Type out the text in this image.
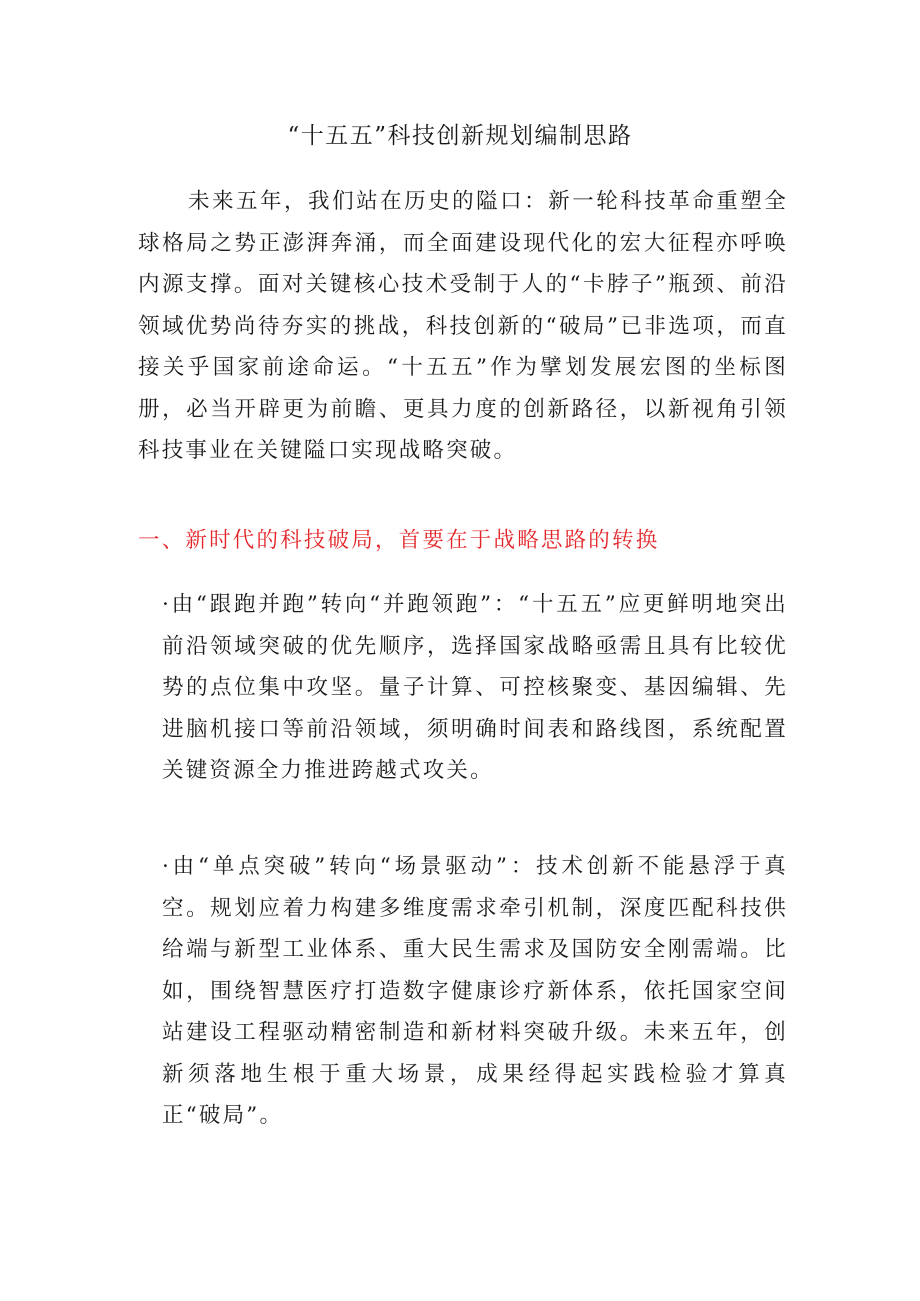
“十五五”科技创新规划编制思路

未来五年，我们站在历史的隘口：新一轮科技革命重塑全球格局之势正澎湃奔涌，而全面建设现代化的宏大征程亦呼唤内源支撑。面对关键核心技术受制于人的“卡脖子”瓶颈、前沿领域优势尚待夯实的挑战，科技创新的“破局”已非选项，而直接关乎国家前途命运。“十五五”作为擘划发展宏图的坐标图册，必当开辟更为前瞻、更具力度的创新路径，以新视角引领科技事业在关键隘口实现战略突破。

一、新时代的科技破局，首要在于战略思路的转换

·由“跟跑并跑”转向“并跑领跑”：“十五五”应更鲜明地突出前沿领域突破的优先顺序，选择国家战略亟需且具有比较优势的点位集中攻坚。量子计算、可控核聚变、基因编辑、先进脑机接口等前沿领域，须明确时间表和路线图，系统配置关键资源全力推进跨越式攻关。

·由“单点突破”转向“场景驱动”：技术创新不能悬浮于真空。规划应着力构建多维度需求牵引机制，深度匹配科技供给端与新型工业体系、重大民生需求及国防安全刚需端。比如，围绕智慧医疗打造数字健康诊疗新体系，依托国家空间站建设工程驱动精密制造和新材料突破升级。未来五年，创新须落地生根于重大场景，成果经得起实践检验才算真正“破局”。
